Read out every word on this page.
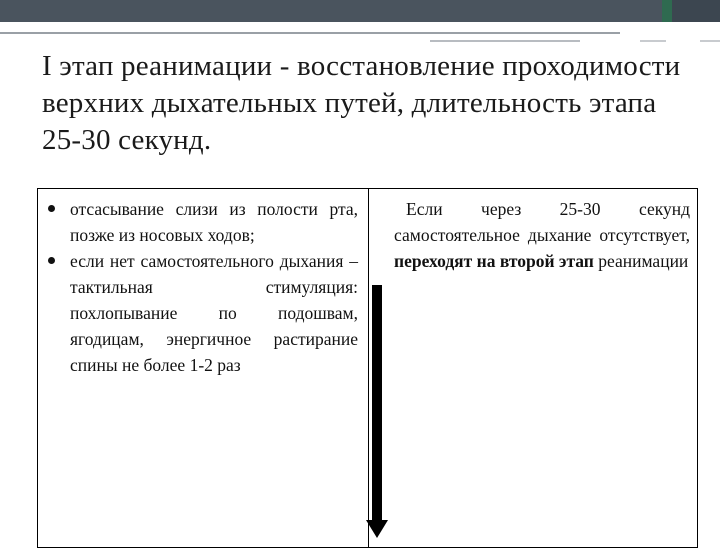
I этап реанимации - восстановление проходимости верхних дыхательных путей, длительность этапа 25-30 секунд.
отсасывание слизи из полости рта, позже из носовых ходов;
если нет самостоятельного дыхания – тактильная стимуляция: похлопывание по подошвам, ягодицам, энергичное растирание спины не более 1-2 раз

Если через 25-30 секунд самостоятельное дыхание отсутствует, переходят на второй этап реанимации
